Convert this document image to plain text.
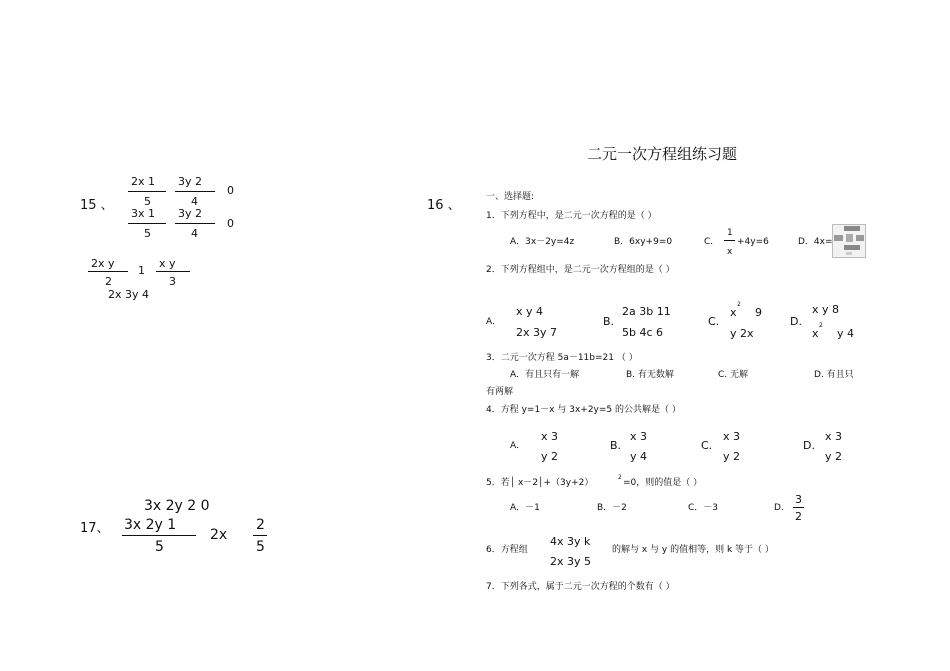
二元一次方程组练习题
15 、
2x 1
5
3y 2
4
0
3x 1
5
3y 2
4
0
16 、
2x y
2
1
x y
3
2x 3y 4
3x 2y 2 0
17、 3x 2y 1
5
2x
2
5
一、选择题:
1．下列方程中，是二元一次方程的是（ ）
A．3x－2y=4z	B．6xy+9=0	C．
1
x
+4y=6	D．4x=
2．下列方程组中，是二元一次方程组的是（ ）
A．
x y 4
2x 3y 7
B.
2a 3b 11
5b 4c 6
C.
x
2
9
y 2x
D.
x y 8
x
2
y 4
3．二元一次方程 5a－11b=21 （ ）
A．有且只有一解	B. 有无数解	C. 无解	D. 有且只
有两解
4．方程 y=1－x 与 3x+2y=5 的公共解是（ ）
A．
x 3
y 2
B.
x 3
y 4
C.
x 3
y 2
D.
x 3
y 2
5．若│ x－2│+（3y+2）
2
=0，则的值是（ ）
A．－1	B．－2	C．－3	D.
3
2
6．方程组
4x 3y k
2x 3y 5
的解与 x 与 y 的值相等，则 k 等于（ ）
7．下列各式，属于二元一次方程的个数有（ ）
